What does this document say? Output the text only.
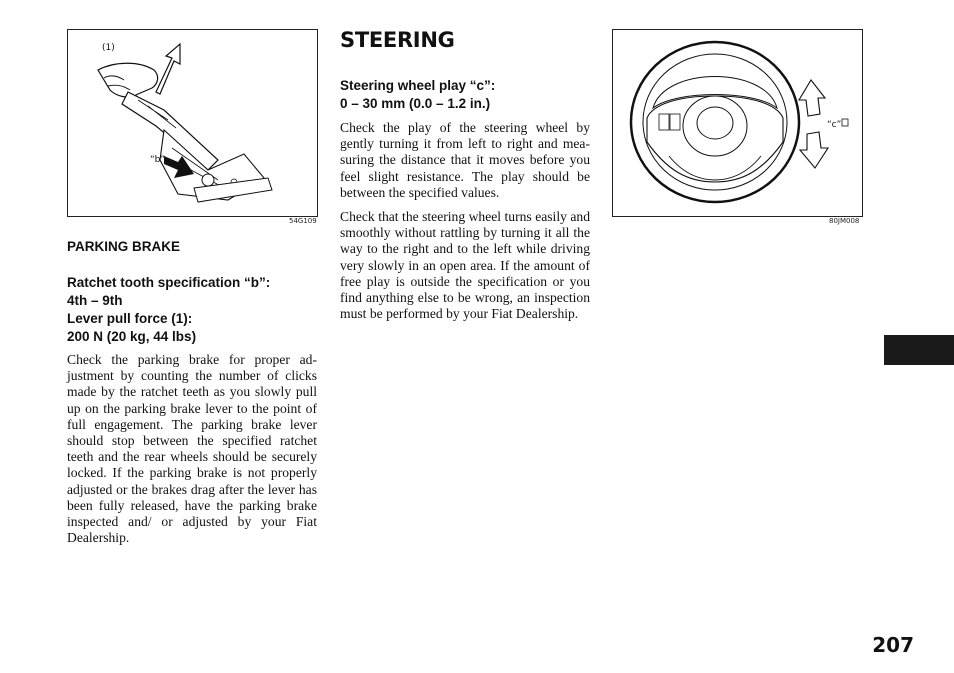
(1)
“b”
54G109
PARKING BRAKE

Ratchet tooth specification “b”:

4th – 9th

Lever pull force (1):

200 N (20 kg, 44 lbs)

Check the parking brake for proper adjustment by counting the number of clicks made by the ratchet teeth as you slowly pull up on the parking brake lever to the point of full engagement. The parking brake lever should stop between the specified ratchet teeth and the rear wheels should be securely locked. If the parking brake is not properly adjusted or the brakes drag after the lever has been fully released, have the parking brake inspected and/ or adjusted by your Fiat Dealership.

STEERING

Steering wheel play “c”:

0 – 30 mm (0.0 – 1.2 in.)

Check the play of the steering wheel by gently turning it from left to right and measuring the distance that it moves before you feel slight resistance. The play should be between the specified values.

Check that the steering wheel turns easily and smoothly without rattling by turning it all the way to the right and to the left while driving very slowly in an open area. If the amount of free play is outside the specification or you find anything else to be wrong, an inspection must be performed by your Fiat Dealership.

“c”
80JM008
207
